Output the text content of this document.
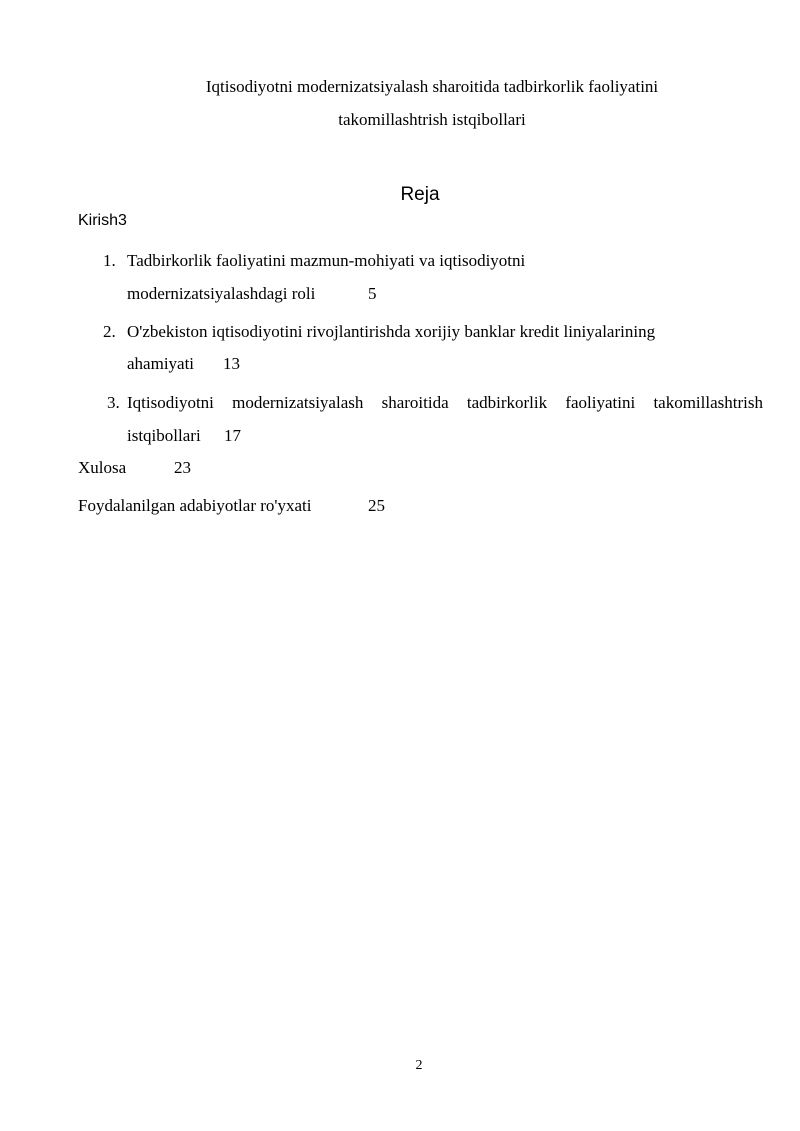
Iqtisodiyotni modernizatsiyalash sharoitida tadbirkorlik faoliyatini
takomillashtrish istqibollari
Reja
Kirish3
1. Tadbirkorlik faoliyatini mazmun-mohiyati va iqtisodiyotni
modernizatsiyalashdagi roli	5
2. O'zbekiston iqtisodiyotini rivojlantirishda xorijiy banklar kredit liniyalarining
ahamiyati 13
3. Iqtisodiyotni modernizatsiyalash sharoitida tadbirkorlik faoliyatini takomillashtrish
istqibollari 17
Xulosa	23
Foydalanilgan adabiyotlar ro'yxati	25
2
